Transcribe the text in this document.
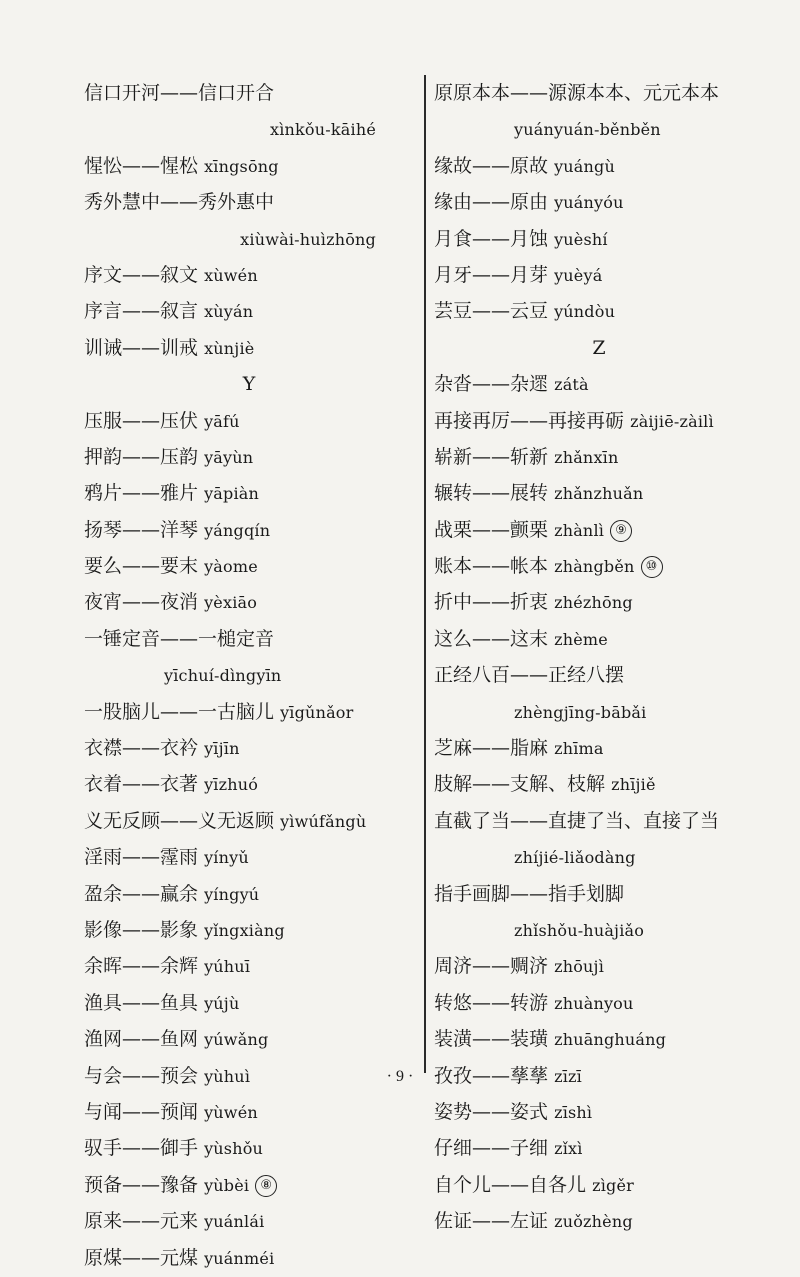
信口开河——信口开合
xìnkǒu-kāihé
惺忪——惺松 xīngsōng
秀外慧中——秀外惠中
xiùwài-huìzhōng
序文——叙文 xùwén
序言——叙言 xùyán
训诫——训戒 xùnjiè
Y
压服——压伏 yāfú
押韵——压韵 yāyùn
鸦片——雅片 yāpiàn
扬琴——洋琴 yángqín
要么——要末 yàome
夜宵——夜消 yèxiāo
一锤定音——一槌定音
yīchuí-dìngyīn
一股脑儿——一古脑儿 yīgǔnǎor
衣襟——衣衿 yījīn
衣着——衣著 yīzhuó
义无反顾——义无返顾 yìwúfǎngù
淫雨——霪雨 yínyǔ
盈余——赢余 yíngyú
影像——影象 yǐngxiàng
余晖——余辉 yúhuī
渔具——鱼具 yújù
渔网——鱼网 yúwǎng
与会——预会 yùhuì
与闻——预闻 yùwén
驭手——御手 yùshǒu
预备——豫备 yùbèi ⑧
原来——元来 yuánlái
原煤——元煤 yuánméi
原原本本——源源本本、元元本本
yuányuán-běnběn
缘故——原故 yuángù
缘由——原由 yuányóu
月食——月蚀 yuèshí
月牙——月芽 yuèyá
芸豆——云豆 yúndòu
Z
杂沓——杂遝 zátà
再接再厉——再接再砺 zàijiē-zàilì
崭新——斩新 zhǎnxīn
辗转——展转 zhǎnzhuǎn
战栗——颤栗 zhànlì ⑨
账本——帐本 zhàngběn ⑩
折中——折衷 zhézhōng
这么——这末 zhème
正经八百——正经八摆
zhèngjīng-bābǎi
芝麻——脂麻 zhīma
肢解——支解、枝解 zhījiě
直截了当——直捷了当、直接了当
zhíjié-liǎodàng
指手画脚——指手划脚
zhǐshǒu-huàjiǎo
周济——赒济 zhōujì
转悠——转游 zhuànyou
装潢——装璜 zhuānghuáng
孜孜——孶孶 zīzī
姿势——姿式 zīshì
仔细——子细 zǐxì
自个儿——自各儿 zìgěr
佐证——左证 zuǒzhèng
· 9 ·
